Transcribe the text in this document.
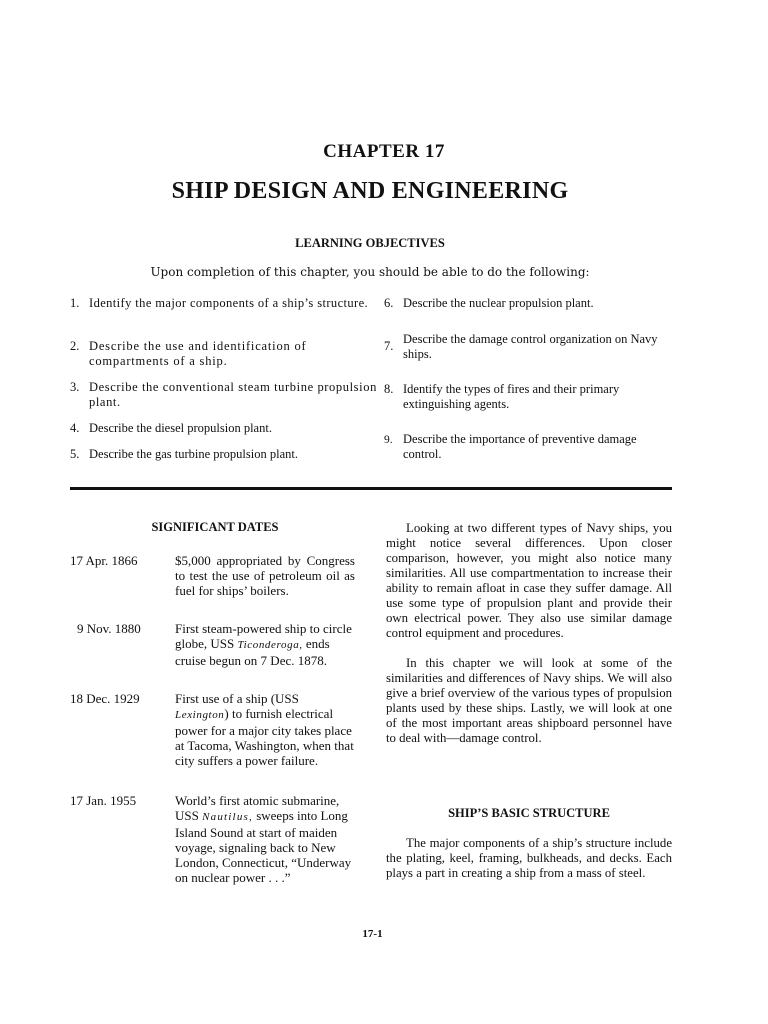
CHAPTER 17
SHIP DESIGN AND ENGINEERING
LEARNING OBJECTIVES
Upon completion of this chapter, you should be able to do the following:
1. Identify the major components of a ship’s structure.
2. Describe the use and identification of compartments of a ship.
3. Describe the conventional steam turbine propulsion plant.
4. Describe the diesel propulsion plant.
5. Describe the gas turbine propulsion plant.
6. Describe the nuclear propulsion plant.
7. Describe the damage control organization on Navy ships.
8. Identify the types of fires and their primary extinguishing agents.
9. Describe the importance of preventive damage control.
SIGNIFICANT DATES
17 Apr. 1866	$5,000 appropriated by Congress to test the use of petroleum oil as fuel for ships’ boilers.
9 Nov. 1880	First steam-powered ship to circle globe, USS Ticonderoga, ends cruise begun on 7 Dec. 1878.
18 Dec. 1929	First use of a ship (USS Lexington) to furnish electrical power for a major city takes place at Tacoma, Washington, when that city suffers a power failure.
17 Jan. 1955	World’s first atomic submarine, USS Nautilus, sweeps into Long Island Sound at start of maiden voyage, signaling back to New London, Connecticut, “Underway on nuclear power . . .”
Looking at two different types of Navy ships, you might notice several differences. Upon closer comparison, however, you might also notice many similarities. All use compartmentation to increase their ability to remain afloat in case they suffer damage. All use some type of propulsion plant and provide their own electrical power. They also use similar damage control equipment and procedures.
In this chapter we will look at some of the similarities and differences of Navy ships. We will also give a brief overview of the various types of propulsion plants used by these ships. Lastly, we will look at one of the most important areas shipboard personnel have to deal with—damage control.
SHIP’S BASIC STRUCTURE
The major components of a ship’s structure include the plating, keel, framing, bulkheads, and decks. Each plays a part in creating a ship from a mass of steel.
17-1
